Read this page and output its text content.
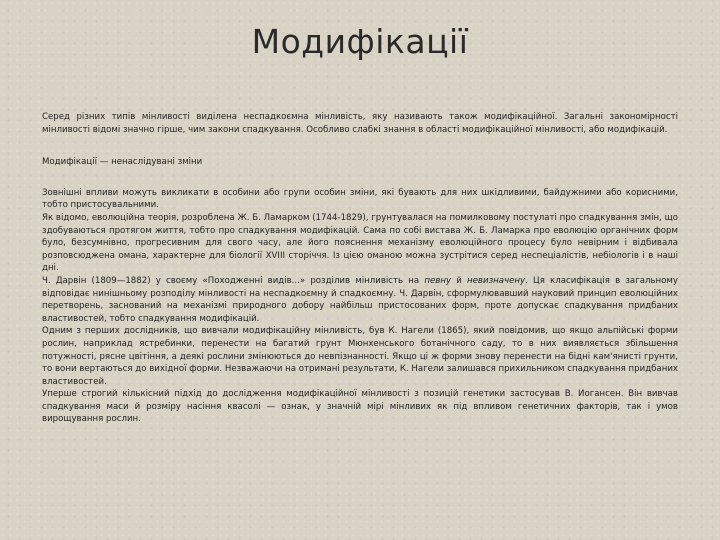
Модифікації

Серед різних типів мінливості виділена неспадкоємна мінливість, яку називають також модифікаційної. Загальні закономірності мінливості відомі значно гірше, чим закони спадкування. Особливо слабкі знання в області модифікаційної мінливості, або модифікацій.

Модифікації — ненаслідувані зміни

Зовнішні впливи можуть викликати в особини або групи особин зміни, які бувають для них шкідливими, байдужними або корисними, тобто пристосувальними.

Як відомо, еволюційна теорія, розроблена Ж. Б. Ламарком (1744-1829), грунтувалася на помилковому постулаті про спадкування змін, що здобуваються протягом життя, тобто про спадкування модифікацій. Сама по собі вистава Ж. Б. Ламарка про еволюцію органічних форм було, безсумнівно, прогресивним для свого часу, але його пояснення механізму еволюційного процесу було невірним і відбивала розповсюджена омана, характерне для біології XVIII сторіччя. Із цією оманою можна зустрітися серед неспеціалістів, небіологів і в наші дні.

Ч. Дарвін (1809—1882) у своєму «Походженні видів...» розділив мінливість на певну й невизначену. Ця класифікація в загальному відповідає нинішньому розподілу мінливості на неспадкоємну й спадкоємну. Ч. Дарвін, сформулювавший науковий принцип еволюційних перетворень, заснований на механізмі природного добору найбільш пристосованих форм, проте допускає спадкування придбаних властивостей, тобто спадкування модифікацій.

Одним з перших дослідників, що вивчали модифікаційну мінливість, був К. Нагели (1865), який повідомив, що якщо альпійські форми рослин, наприклад ястребинки, перенести на багатий грунт Мюнхенського ботанічного саду, то в них виявляється збільшення потужності, рясне цвітіння, а деякі рослини змінюються до невпізнанності. Якщо ці ж форми знову перенести на бідні кам'янисті грунти, то вони вертаються до вихідної форми. Незважаючи на отримані результати, К. Нагели залишався прихильником спадкування придбаних властивостей.

Уперше строгий кількісний підхід до дослідження модифікаційної мінливості з позицій генетики застосував В. Иогансен. Він вивчав спадкування маси й розміру насіння квасолі — ознак, у значній мірі мінливих як під впливом генетичних факторів, так і умов вирощування рослин.
